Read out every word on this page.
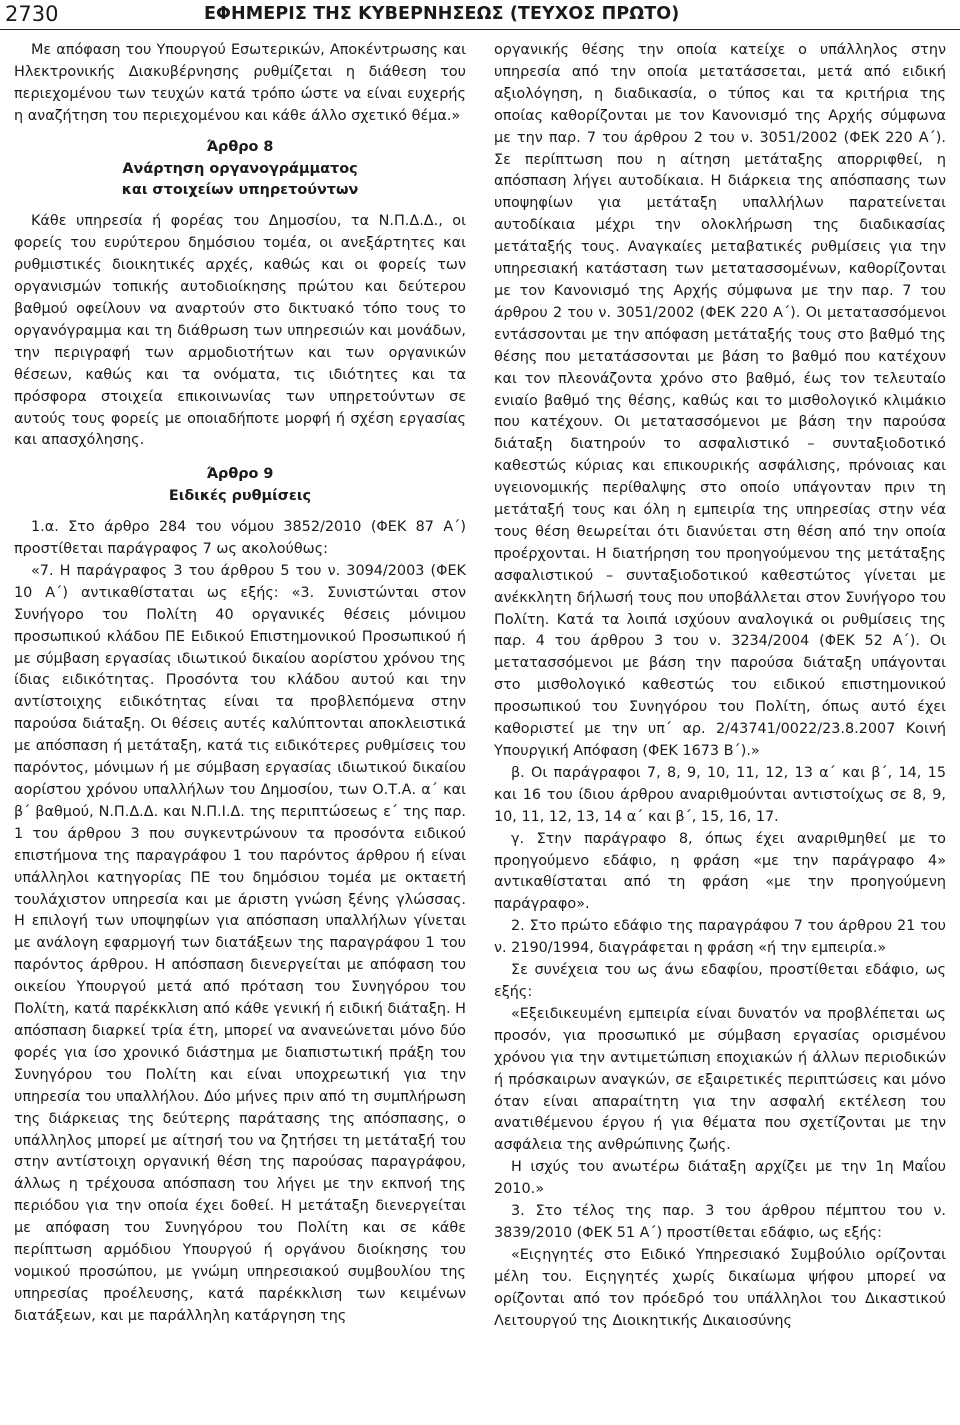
2730	ΕΦΗΜΕΡΙΣ ΤΗΣ ΚΥΒΕΡΝΗΣΕΩΣ (ΤΕΥΧΟΣ ΠΡΩΤΟ)

Με απόφαση του Υπουργού Εσωτερικών, Αποκέντρωσης και Ηλεκτρονικής Διακυβέρνησης ρυθμίζεται η διάθεση του περιεχομένου των τευχών κατά τρόπο ώστε να είναι ευχερής η αναζήτηση του περιεχομένου και κάθε άλλο σχετικό θέμα.»

Άρθρο 8

Ανάρτηση οργανογράμματος

και στοιχείων υπηρετούντων

Κάθε υπηρεσία ή φορέας του Δημοσίου, τα Ν.Π.Δ.Δ., οι φορείς του ευρύτερου δημόσιου τομέα, οι ανεξάρτητες και ρυθμιστικές διοικητικές αρχές, καθώς και οι φορείς των οργανισμών τοπικής αυτοδιοίκησης πρώτου και δεύτερου βαθμού οφείλουν να αναρτούν στο δικτυακό τόπο τους το οργανόγραμμα και τη διάθρωση των υπηρεσιών και μονάδων, την περιγραφή των αρμοδιοτήτων και των οργανικών θέσεων, καθώς και τα ονόματα, τις ιδιότητες και τα πρόσφορα στοιχεία επικοινωνίας των υπηρετούντων σε αυτούς τους φορείς με οποιαδήποτε μορφή ή σχέση εργασίας και απασχόλησης.

Άρθρο 9

Ειδικές ρυθμίσεις

1.α. Στο άρθρο 284 του νόμου 3852/2010 (ΦΕΚ 87 Α΄) προστίθεται παράγραφος 7 ως ακολούθως:

«7. Η παράγραφος 3 του άρθρου 5 του ν. 3094/2003 (ΦΕΚ 10 Α΄) αντικαθίσταται ως εξής: «3. Συνιστώνται στον Συνήγορο του Πολίτη 40 οργανικές θέσεις μόνιμου προσωπικού κλάδου ΠΕ Ειδικού Επιστημονικού Προσωπικού ή με σύμβαση εργασίας ιδιωτικού δικαίου αορίστου χρόνου της ίδιας ειδικότητας. Προσόντα του κλάδου αυτού και την αντίστοιχης ειδικότητας είναι τα προβλεπόμενα στην παρούσα διάταξη. Οι θέσεις αυτές καλύπτονται αποκλειστικά με απόσπαση ή μετάταξη, κατά τις ειδικότερες ρυθμίσεις του παρόντος, μόνιμων ή με σύμβαση εργασίας ιδιωτικού δικαίου αορίστου χρόνου υπαλλήλων του Δημοσίου, των Ο.Τ.Α. α΄ και β΄ βαθμού, Ν.Π.Δ.Δ. και Ν.Π.Ι.Δ. της περιπτώσεως ε΄ της παρ. 1 του άρθρου 3 που συγκεντρώνουν τα προσόντα ειδικού επιστήμονα της παραγράφου 1 του παρόντος άρθρου ή είναι υπάλληλοι κατηγορίας ΠΕ του δημόσιου τομέα με οκταετή τουλάχιστον υπηρεσία και με άριστη γνώση ξένης γλώσσας. Η επιλογή των υποψηφίων για απόσπαση υπαλλήλων γίνεται με ανάλογη εφαρμογή των διατάξεων της παραγράφου 1 του παρόντος άρθρου. Η απόσπαση διενεργείται με απόφαση του οικείου Υπουργού μετά από πρόταση του Συνηγόρου του Πολίτη, κατά παρέκκλιση από κάθε γενική ή ειδική διάταξη. Η απόσπαση διαρκεί τρία έτη, μπορεί να ανανεώνεται μόνο δύο φορές για ίσο χρονικό διάστημα με διαπιστωτική πράξη του Συνηγόρου του Πολίτη και είναι υποχρεωτική για την υπηρεσία του υπαλλήλου. Δύο μήνες πριν από τη συμπλήρωση της διάρκειας της δεύτερης παράτασης της απόσπασης, ο υπάλληλος μπορεί με αίτησή του να ζητήσει τη μετάταξή του στην αντίστοιχη οργανική θέση της παρούσας παραγράφου, άλλως η τρέχουσα απόσπαση του λήγει με την εκπνοή της περιόδου για την οποία έχει δοθεί. Η μετάταξη διενεργείται με απόφαση του Συνηγόρου του Πολίτη και σε κάθε περίπτωση αρμόδιου Υπουργού ή οργάνου διοίκησης του νομικού προσώπου, με γνώμη υπηρεσιακού συμβουλίου της υπηρεσίας προέλευσης, κατά παρέκκλιση των κειμένων διατάξεων, και με παράλληλη κατάργηση της

οργανικής θέσης την οποία κατείχε ο υπάλληλος στην υπηρεσία από την οποία μετατάσσεται, μετά από ειδική αξιολόγηση, η διαδικασία, ο τύπος και τα κριτήρια της οποίας καθορίζονται με τον Κανονισμό της Αρχής σύμφωνα με την παρ. 7 του άρθρου 2 του ν. 3051/2002 (ΦΕΚ 220 Α΄). Σε περίπτωση που η αίτηση μετάταξης απορριφθεί, η απόσπαση λήγει αυτοδίκαια. Η διάρκεια της απόσπασης των υποψηφίων για μετάταξη υπαλλήλων παρατείνεται αυτοδίκαια μέχρι την ολοκλήρωση της διαδικασίας μετάταξής τους. Αναγκαίες μεταβατικές ρυθμίσεις για την υπηρεσιακή κατάσταση των μετατασσομένων, καθορίζονται με τον Κανονισμό της Αρχής σύμφωνα με την παρ. 7 του άρθρου 2 του ν. 3051/2002 (ΦΕΚ 220 Α΄). Οι μετατασσόμενοι εντάσσονται με την απόφαση μετάταξής τους στο βαθμό της θέσης που μετατάσσονται με βάση το βαθμό που κατέχουν και τον πλεονάζοντα χρόνο στο βαθμό, έως τον τελευταίο ενιαίο βαθμό της θέσης, καθώς και το μισθολογικό κλιμάκιο που κατέχουν. Οι μετατασσόμενοι με βάση την παρούσα διάταξη διατηρούν το ασφαλιστικό – συνταξιοδοτικό καθεστώς κύριας και επικουρικής ασφάλισης, πρόνοιας και υγειονομικής περίθαλψης στο οποίο υπάγονταν πριν τη μετάταξή τους και όλη η εμπειρία της υπηρεσίας στην νέα τους θέση θεωρείται ότι διανύεται στη θέση από την οποία προέρχονται. Η διατήρηση του προηγούμενου της μετάταξης ασφαλιστικού – συνταξιοδοτικού καθεστώτος γίνεται με ανέκκλητη δήλωσή τους που υποβάλλεται στον Συνήγορο του Πολίτη. Κατά τα λοιπά ισχύουν αναλογικά οι ρυθμίσεις της παρ. 4 του άρθρου 3 του ν. 3234/2004 (ΦΕΚ 52 Α΄). Οι μετατασσόμενοι με βάση την παρούσα διάταξη υπάγονται στο μισθολογικό καθεστώς του ειδικού επιστημονικού προσωπικού του Συνηγόρου του Πολίτη, όπως αυτό έχει καθοριστεί με την υπ΄ αρ. 2/43741/0022/23.8.2007 Κοινή Υπουργική Απόφαση (ΦΕΚ 1673 Β΄).»

β. Οι παράγραφοι 7, 8, 9, 10, 11, 12, 13 α΄ και β΄, 14, 15 και 16 του ίδιου άρθρου αναριθμούνται αντιστοίχως σε 8, 9, 10, 11, 12, 13, 14 α΄ και β΄, 15, 16, 17.

γ. Στην παράγραφο 8, όπως έχει αναριθμηθεί με το προηγούμενο εδάφιο, η φράση «με την παράγραφο 4» αντικαθίσταται από τη φράση «με την προηγούμενη παράγραφο».

2. Στο πρώτο εδάφιο της παραγράφου 7 του άρθρου 21 του ν. 2190/1994, διαγράφεται η φράση «ή την εμπειρία.»

Σε συνέχεια του ως άνω εδαφίου, προστίθεται εδάφιο, ως εξής:

«Εξειδικευμένη εμπειρία είναι δυνατόν να προβλέπεται ως προσόν, για προσωπικό με σύμβαση εργασίας ορισμένου χρόνου για την αντιμετώπιση εποχιακών ή άλλων περιοδικών ή πρόσκαιρων αναγκών, σε εξαιρετικές περιπτώσεις και μόνο όταν είναι απαραίτητη για την ασφαλή εκτέλεση του ανατιθέμενου έργου ή για θέματα που σχετίζονται με την ασφάλεια της ανθρώπινης ζωής.

Η ισχύς του ανωτέρω διάταξη αρχίζει με την 1η Μαΐου 2010.»

3. Στο τέλος της παρ. 3 του άρθρου πέμπτου του ν. 3839/2010 (ΦΕΚ 51 Α΄) προστίθεται εδάφιο, ως εξής:

«Ειςηγητές στο Ειδικό Υπηρεσιακό Συμβούλιο ορίζονται μέλη του. Ειςηγητές χωρίς δικαίωμα ψήφου μπορεί να ορίζονται από τον πρόεδρό του υπάλληλοι του Δικαστικού Λειτουργού της Διοικητικής Δικαιοσύνης
